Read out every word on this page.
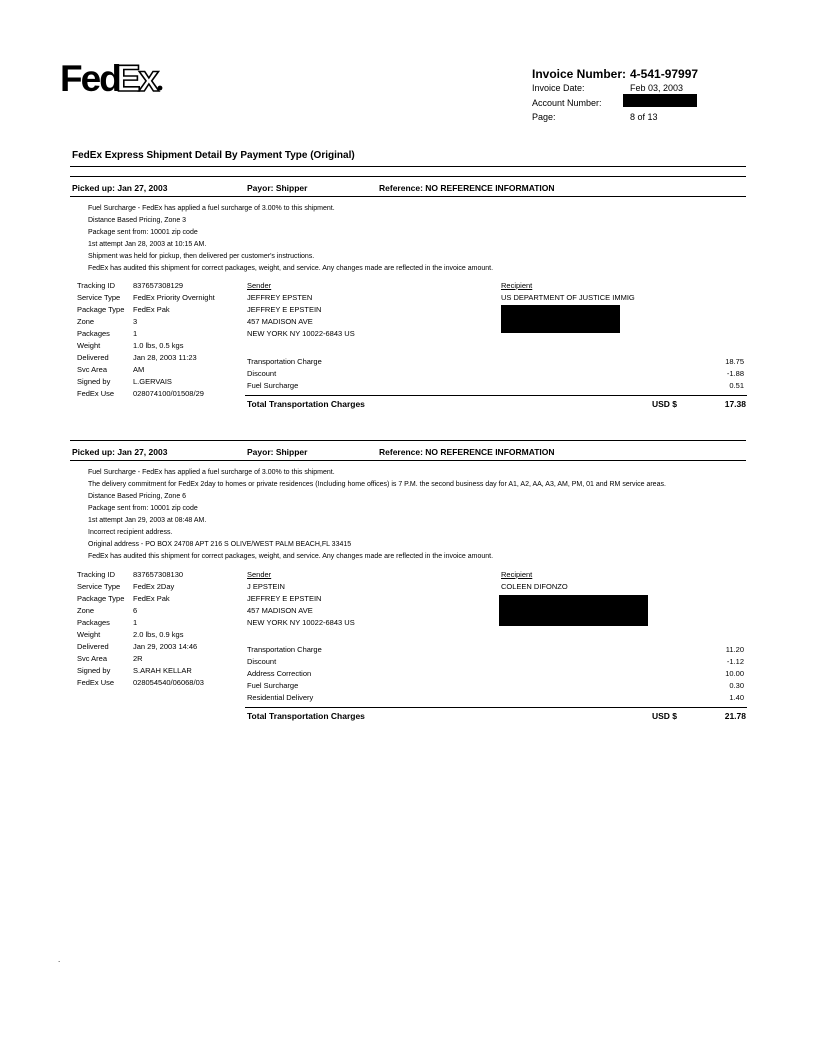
Fed
Ex	Invoice Number: 4-541-97997
Invoice Date:	Feb 03, 2003
Account Number:
Page:	8 of 13
FedEx Express Shipment Detail By Payment Type (Original)
Picked up: Jan 27, 2003	Payor: Shipper	Reference: NO REFERENCE INFORMATION
Fuel Surcharge - FedEx has applied a fuel surcharge of 3.00% to this shipment.
Distance Based Pricing, Zone 3
Package sent from: 10001 zip code
1st attempt Jan 28, 2003 at 10:15 AM.
Shipment was held for pickup, then delivered per customer's instructions.
FedEx has audited this shipment for correct packages, weight, and service. Any changes made are reflected in the invoice amount.
Tracking ID 837657308129
Service Type FedEx Priority Overnight
Package Type FedEx Pak
Zone	3
Packages	1
Weight	1.0 lbs, 0.5 kgs
Delivered	Jan 28, 2003 11:23
Svc Area	AM
Signed by	L.GERVAIS
FedEx Use	028074100/01508/29
Sender
JEFFREY EPSTEN
JEFFREY E EPSTEIN
457 MADISON AVE
NEW YORK NY 10022-6843 US
Recipient
US DEPARTMENT OF JUSTICE IMMIG
Transportation Charge	18.75
Discount	-1.88
Fuel Surcharge	0.51
Total Transportation Charges	USD $	17.38
Picked up: Jan 27, 2003	Payor: Shipper	Reference: NO REFERENCE INFORMATION
Fuel Surcharge - FedEx has applied a fuel surcharge of 3.00% to this shipment.
The delivery commitment for FedEx 2day to homes or private residences (Including home offices) is 7 P.M. the second business day for A1, A2, AA, A3, AM, PM, 01 and RM service areas.
Distance Based Pricing, Zone 6
Package sent from: 10001 zip code
1st attempt Jan 29, 2003 at 08:48 AM.
Incorrect recipient address.
Original address - PO BOX 24708 APT 216 S OLIVE/WEST PALM BEACH,FL 33415
FedEx has audited this shipment for correct packages, weight, and service. Any changes made are reflected in the invoice amount.
Tracking ID 837657308130
Service Type FedEx 2Day
Package Type FedEx Pak
Zone	6
Packages	1
Weight	2.0 lbs, 0.9 kgs
Delivered	Jan 29, 2003 14:46
Svc Area	2R
Signed by	S.ARAH KELLAR
FedEx Use	028054540/06068/03
Sender
J EPSTEIN
JEFFREY E EPSTEIN
457 MADISON AVE
NEW YORK NY 10022-6843 US
Recipient
COLEEN DIFONZO
Transportation Charge	11.20
Discount	-1.12
Address Correction	10.00
Fuel Surcharge	0.30
Residential Delivery	1.40
Total Transportation Charges	USD $	21.78
.
